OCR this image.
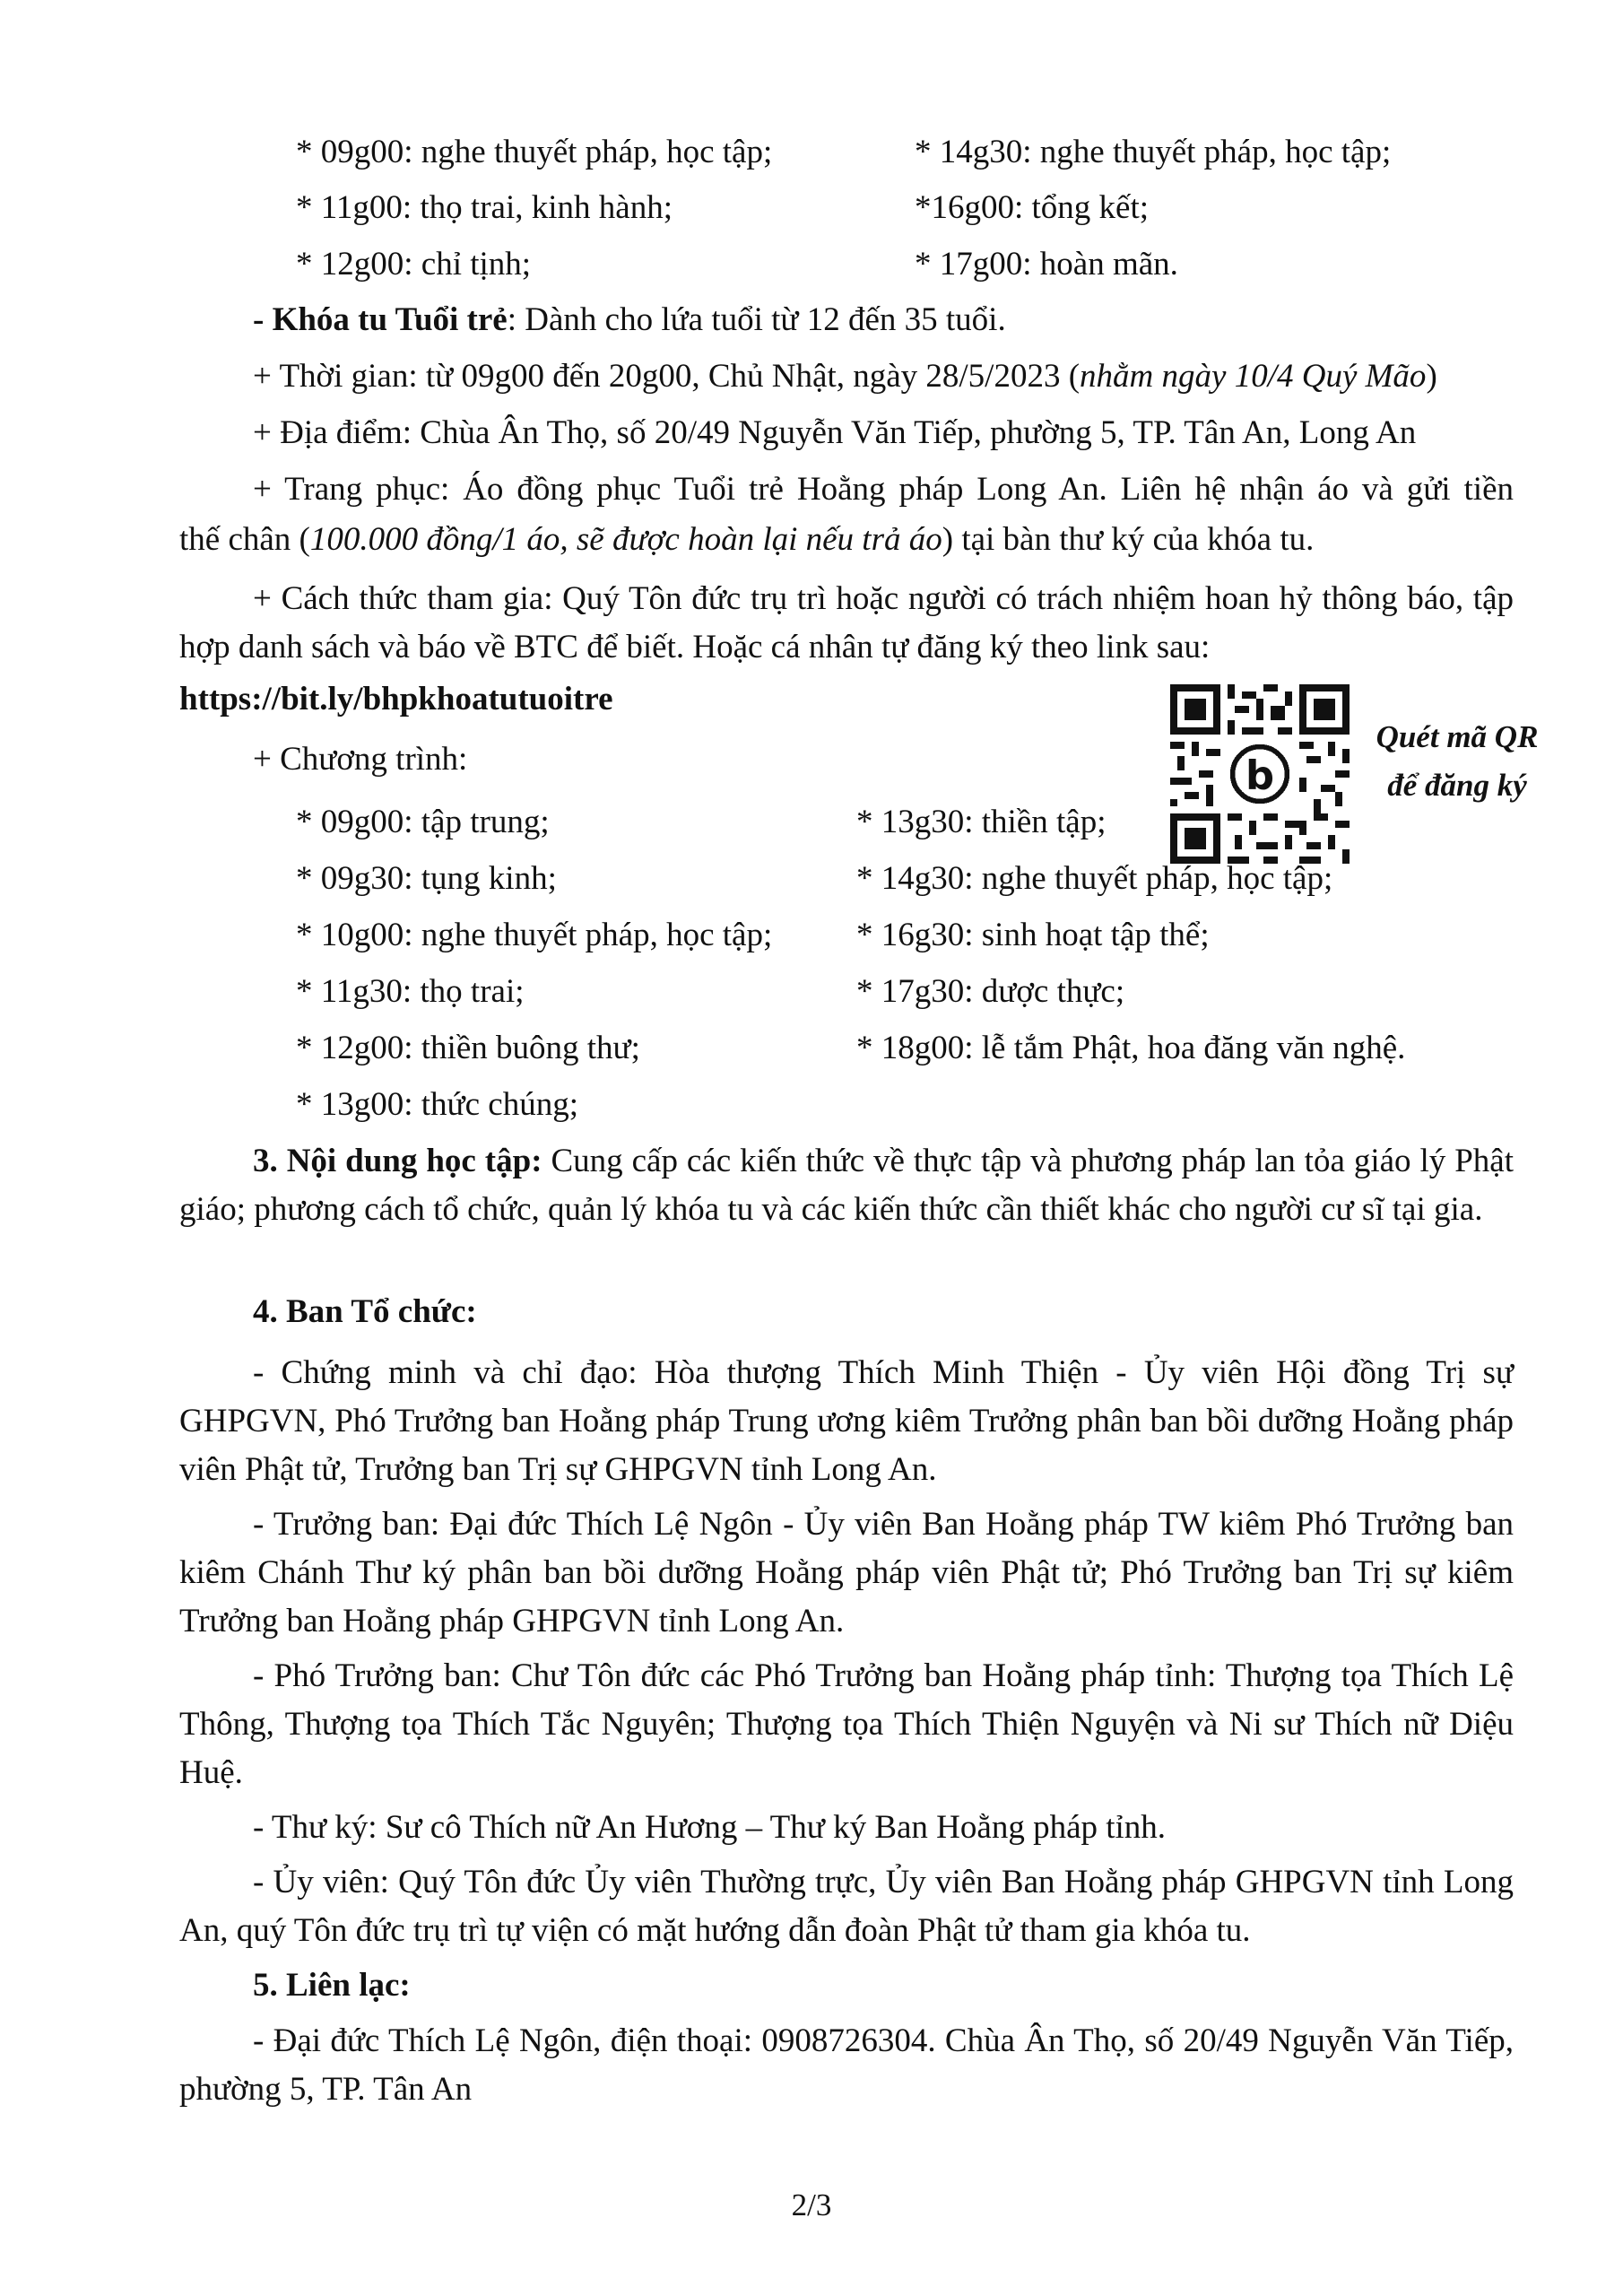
* 09g00: nghe thuyết pháp, học tập;	* 14g30: nghe thuyết pháp, học tập;
* 11g00: thọ trai, kinh hành;	*16g00: tổng kết;
* 12g00: chỉ tịnh;	* 17g00: hoàn mãn.
- Khóa tu Tuổi trẻ: Dành cho lứa tuổi từ 12 đến 35 tuổi.
+ Thời gian: từ 09g00 đến 20g00, Chủ Nhật, ngày 28/5/2023 (nhằm ngày 10/4 Quý Mão)
+ Địa điểm: Chùa Ân Thọ, số 20/49 Nguyễn Văn Tiếp, phường 5, TP. Tân An, Long An
+ Trang phục: Áo đồng phục Tuổi trẻ Hoằng pháp Long An. Liên hệ nhận áo và gửi tiền
thế chân (100.000 đồng/1 áo, sẽ được hoàn lại nếu trả áo) tại bàn thư ký của khóa tu.
+ Cách thức tham gia: Quý Tôn đức trụ trì hoặc người có trách nhiệm hoan hỷ thông báo, tập hợp danh sách và báo về BTC để biết. Hoặc cá nhân tự đăng ký theo link sau:
https://bit.ly/bhpkhoatutuoitre
+ Chương trình:	b
Quét mã QR
để đăng ký
* 09g00: tập trung;	* 13g30: thiền tập;
* 09g30: tụng kinh;	* 14g30: nghe thuyết pháp, học tập;
* 10g00: nghe thuyết pháp, học tập;	* 16g30: sinh hoạt tập thể;
* 11g30: thọ trai;	* 17g30: dược thực;
* 12g00: thiền buông thư;	* 18g00: lễ tắm Phật, hoa đăng văn nghệ.
* 13g00: thức chúng;
3. Nội dung học tập: Cung cấp các kiến thức về thực tập và phương pháp lan tỏa giáo lý Phật giáo; phương cách tổ chức, quản lý khóa tu và các kiến thức cần thiết khác cho người cư sĩ tại gia.
4. Ban Tổ chức:
- Chứng minh và chỉ đạo: Hòa thượng Thích Minh Thiện - Ủy viên Hội đồng Trị sự GHPGVN, Phó Trưởng ban Hoằng pháp Trung ương kiêm Trưởng phân ban bồi dưỡng Hoằng pháp viên Phật tử, Trưởng ban Trị sự GHPGVN tỉnh Long An.
- Trưởng ban: Đại đức Thích Lệ Ngôn - Ủy viên Ban Hoằng pháp TW kiêm Phó Trưởng ban kiêm Chánh Thư ký phân ban bồi dưỡng Hoằng pháp viên Phật tử; Phó Trưởng ban Trị sự kiêm Trưởng ban Hoằng pháp GHPGVN tỉnh Long An.
- Phó Trưởng ban: Chư Tôn đức các Phó Trưởng ban Hoằng pháp tỉnh: Thượng tọa Thích Lệ Thông, Thượng tọa Thích Tắc Nguyên; Thượng tọa Thích Thiện Nguyện và Ni sư Thích nữ Diệu Huệ.
- Thư ký: Sư cô Thích nữ An Hương – Thư ký Ban Hoằng pháp tỉnh.
- Ủy viên: Quý Tôn đức Ủy viên Thường trực, Ủy viên Ban Hoằng pháp GHPGVN tỉnh Long An, quý Tôn đức trụ trì tự viện có mặt hướng dẫn đoàn Phật tử tham gia khóa tu.
5. Liên lạc:
- Đại đức Thích Lệ Ngôn, điện thoại: 0908726304. Chùa Ân Thọ, số 20/49 Nguyễn Văn Tiếp, phường 5, TP. Tân An
2/3
